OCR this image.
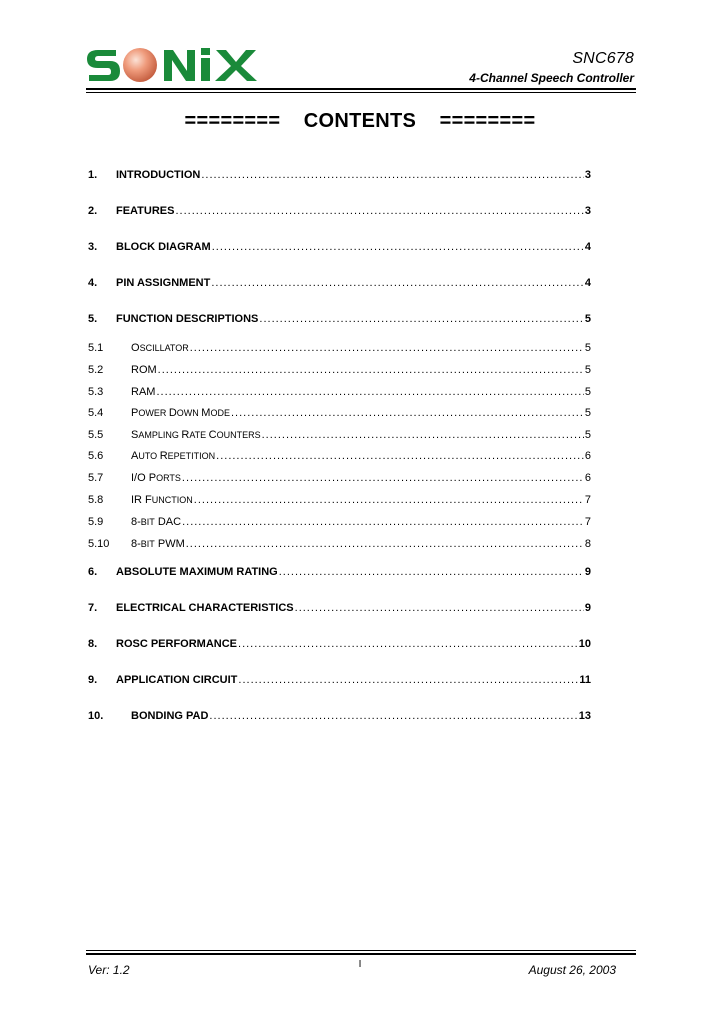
SNC678
4-Channel Speech Controller
========    CONTENTS    ========
1.	INTRODUCTION .....	3
2.	FEATURES .....	3
3.	BLOCK DIAGRAM .....	4
4.	PIN ASSIGNMENT .....	4
5.	FUNCTION DESCRIPTIONS .....	5
5.1	OSCILLATOR .....	5
5.2	ROM .....	5
5.3	RAM .....	5
5.4	POWER DOWN MODE .....	5
5.5	SAMPLING RATE COUNTERS .....	5
5.6	AUTO REPETITION .....	6
5.7	I/O PORTS .....	6
5.8	IR FUNCTION .....	7
5.9	8-BIT DAC .....	7
5.10	8-BIT PWM .....	8
6.	ABSOLUTE MAXIMUM RATING .....	9
7.	ELECTRICAL CHARACTERISTICS .....	9
8.	ROSC PERFORMANCE .....	10
9.	APPLICATION CIRCUIT .....	11
10.	BONDING PAD .....	13
Ver: 1.2	I	August 26, 2003
